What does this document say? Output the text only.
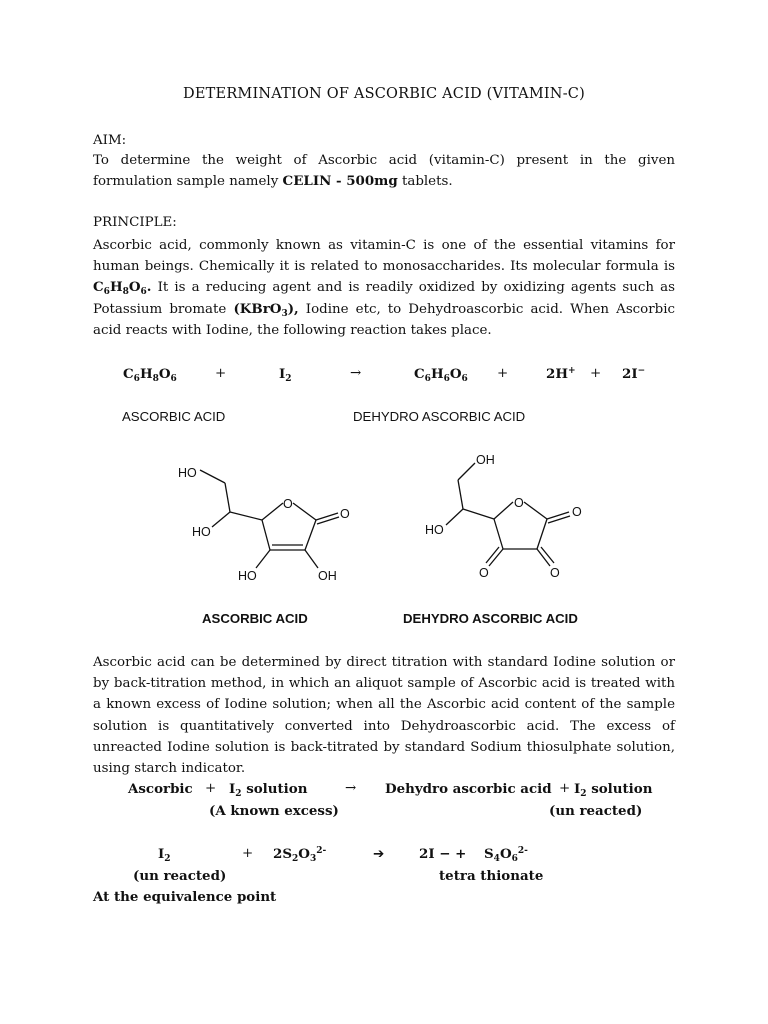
DETERMINATION OF ASCORBIC ACID (VITAMIN-C)
AIM:
To determine the weight of Ascorbic acid (vitamin-C) present in the given formulation sample namely CELIN - 500mg tablets.
PRINCIPLE:
Ascorbic acid, commonly known as vitamin-C is one of the essential vitamins for human beings. Chemically it is related to monosaccharides. Its molecular formula is $C_6H_8O_6$. It is a reducing agent and is readily oxidized by oxidizing agents such as Potassium bromate (KBrO$_3$), Iodine etc, to Dehydroascorbic acid. When Ascorbic acid reacts with Iodine, the following reaction takes place.
$C_6H_8O_6$	+	$I_2$	→	$C_6H_6O_6$ +	2H+ + 2I−
ASCORBIC ACID	DEHYDRO ASCORBIC ACID
HO
HO
O
O
HO	OH
OH
HO
O
O
O	O
ASCORBIC ACID	DEHYDRO ASCORBIC ACID
Ascorbic acid can be determined by direct titration with standard Iodine solution or by back-titration method, in which an aliquot sample of Ascorbic acid is treated with a known excess of Iodine solution; when all the Ascorbic acid content of the sample solution is quantitatively converted into Dehydroascorbic acid. The excess of unreacted Iodine solution is back-titrated by standard Sodium thiosulphate solution, using starch indicator.
Ascorbic + $I_2$ solution	→ Dehydro ascorbic acid + $I_2$ solution
(A known excess)	(un reacted)
$I_2$	+ $2S_2O_3^{2-}$	➔	2I − + $S_4O_6^{2-}$
(un reacted)	tetra thionate
At the equivalence point
